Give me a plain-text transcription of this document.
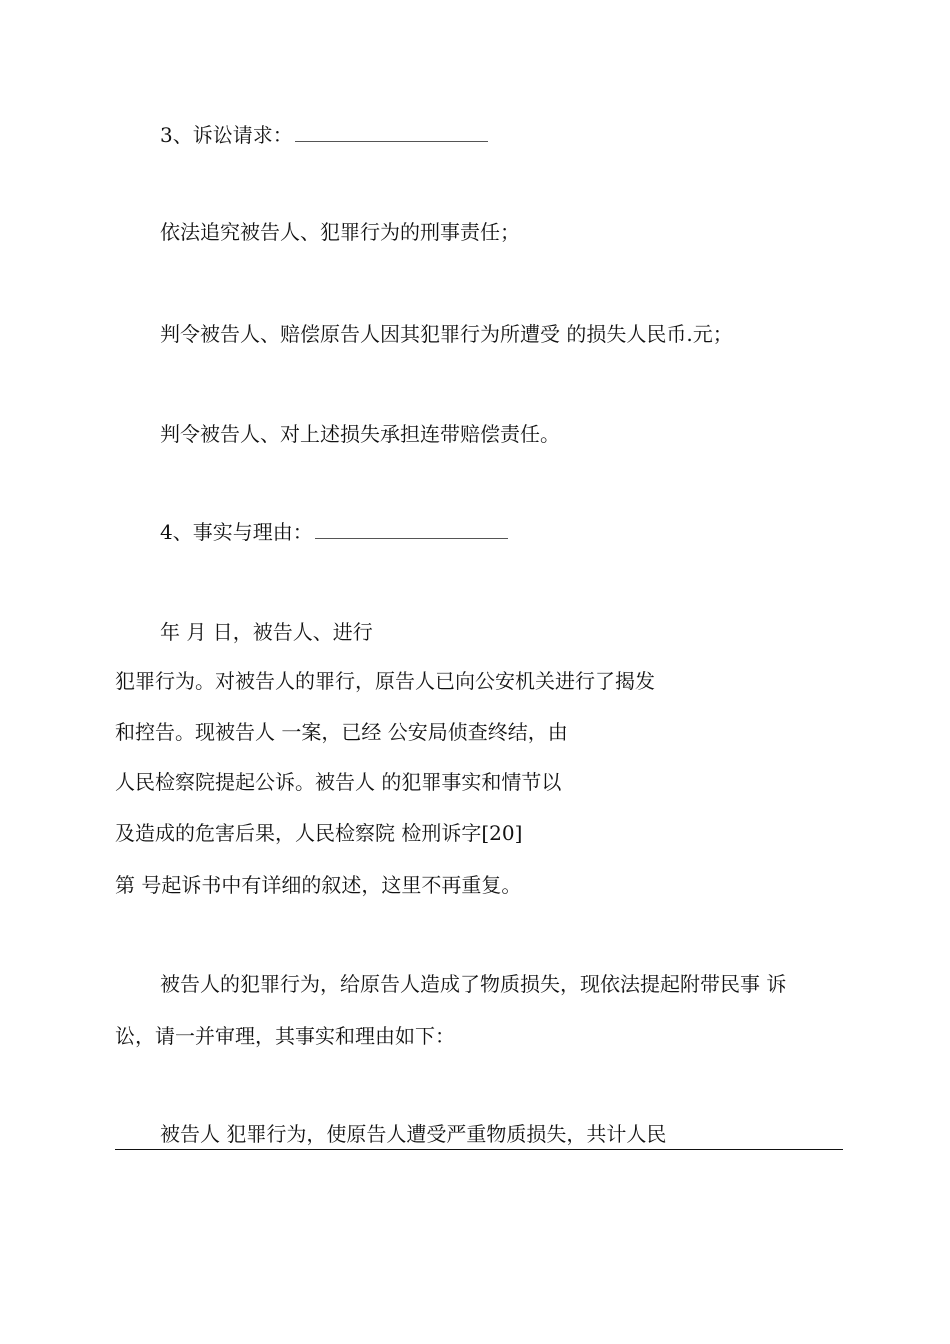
3、诉讼请求：
依法追究被告人、犯罪行为的刑事责任；
判令被告人、赔偿原告人因其犯罪行为所遭受 的损失人民币.元；
判令被告人、对上述损失承担连带赔偿责任。
4、事实与理由：
年 月 日，被告人、进行
犯罪行为。对被告人的罪行，原告人已向公安机关进行了揭发
和控告。现被告人 一案，已经 公安局侦查终结，由
人民检察院提起公诉。被告人 的犯罪事实和情节以
及造成的危害后果，人民检察院 检刑诉字[20]
第 号起诉书中有详细的叙述，这里不再重复。
被告人的犯罪行为，给原告人造成了物质损失，现依法提起附带民事 诉
讼，请一并审理，其事实和理由如下：
被告人 犯罪行为，使原告人遭受严重物质损失，共计人民
